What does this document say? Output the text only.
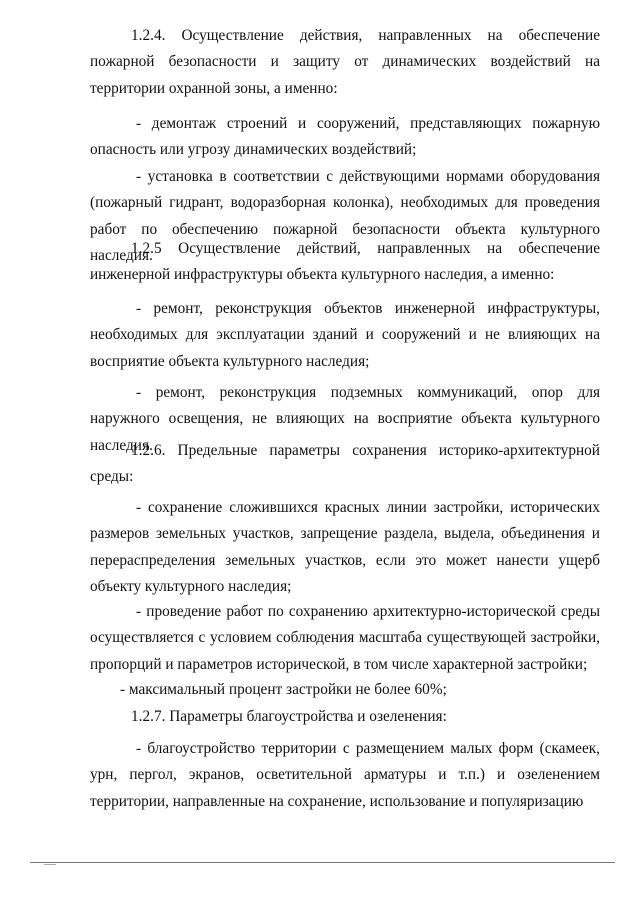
1.2.4. Осуществление действия, направленных на обеспечение пожарной безопасности и защиту от динамических воздействий на территории охранной зоны, а именно:

- демонтаж строений и сооружений, представляющих пожарную опасность или угрозу динамических воздействий;

- установка в соответствии с действующими нормами оборудования (пожарный гидрант, водоразборная колонка), необходимых для проведения работ по обеспечению пожарной безопасности объекта культурного наследия.

1.2.5 Осуществление действий, направленных на обеспечение инженерной инфраструктуры объекта культурного наследия, а именно:

- ремонт, реконструкция объектов инженерной инфраструктуры, необходимых для эксплуатации зданий и сооружений и не влияющих на восприятие объекта культурного наследия;

- ремонт, реконструкция подземных коммуникаций, опор для наружного освещения, не влияющих на восприятие объекта культурного наследия.

1.2.6. Предельные параметры сохранения историко-архитектурной среды:

- сохранение сложившихся красных линии застройки, исторических размеров земельных участков, запрещение раздела, выдела, объединения и перераспределения земельных участков, если это может нанести ущерб объекту культурного наследия;

- проведение работ по сохранению архитектурно-исторической среды осуществляется с условием соблюдения масштаба существующей застройки, пропорций и параметров исторической, в том числе характерной застройки;

- максимальный процент застройки не более 60%;

1.2.7. Параметры благоустройства и озеленения:

- благоустройство территории с размещением малых форм (скамеек, урн, пергол, экранов, осветительной арматуры и т.п.) и озеленением территории, направленные на сохранение, использование и популяризацию
